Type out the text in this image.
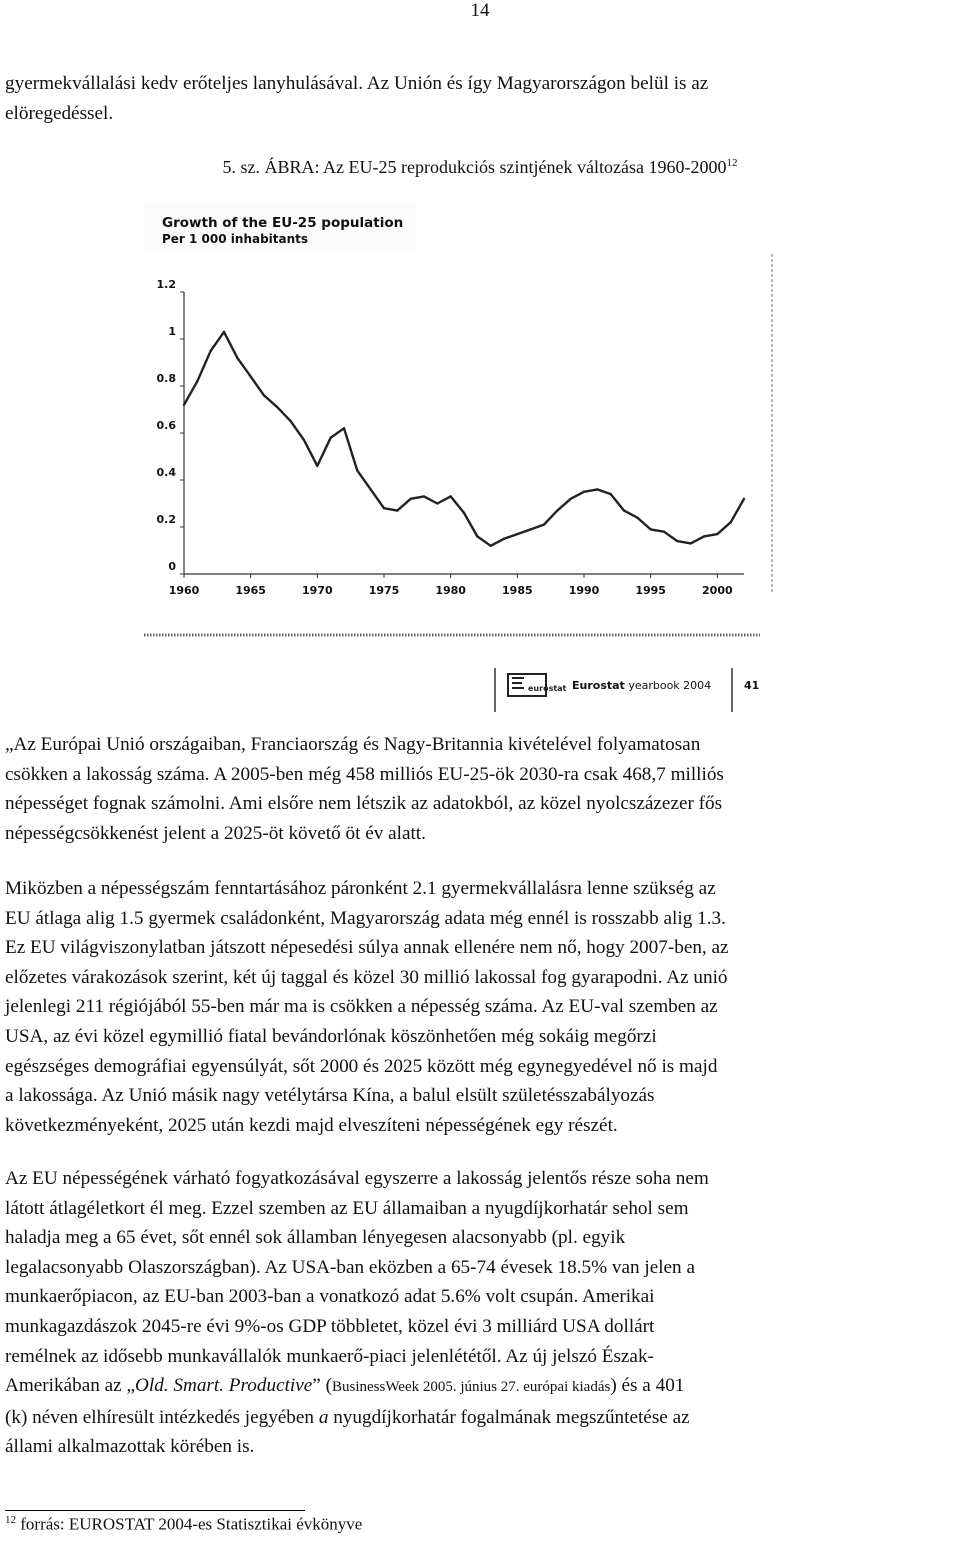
14

gyermekvállalási kedv erőteljes lanyhulásával. Az Unión és így Magyarországon belül is az
elöregedéssel.

5. sz. ÁBRA: Az EU-25 reprodukciós szintjének változása 1960-2000$^{12}$
Growth of the EU-25 population
Per 1 000 inhabitants
0
0.2
0.4
0.6
0.8
1
1.2
1960	1965	1970	1975	1980	1985	1990	1995	2000
eurostat Eurostat yearbook 2004	41

„Az Európai Unió országaiban, Franciaország és Nagy-Britannia kivételével folyamatosan
csökken a lakosság száma. A 2005-ben még 458 milliós EU-25-ök 2030-ra csak 468,7 milliós
népességet fognak számolni. Ami elsőre nem létszik az adatokból, az közel nyolcszázezer fős
népességcsökkenést jelent a 2025-öt követő öt év alatt.

Miközben a népességszám fenntartásához páronként 2.1 gyermekvállalásra lenne szükség az
EU átlaga alig 1.5 gyermek családonként, Magyarország adata még ennél is rosszabb alig 1.3.
Ez EU világviszonylatban játszott népesedési súlya annak ellenére nem nő, hogy 2007-ben, az
előzetes várakozások szerint, két új taggal és közel 30 millió lakossal fog gyarapodni. Az unió
jelenlegi 211 régiójából 55-ben már ma is csökken a népesség száma. Az EU-val szemben az
USA, az évi közel egymillió fiatal bevándorlónak köszönhetően még sokáig megőrzi
egészséges demográfiai egyensúlyát, sőt 2000 és 2025 között még egynegyedével nő is majd
a lakossága. Az Unió másik nagy vetélytársa Kína, a balul elsült születésszabályozás
következményeként, 2025 után kezdi majd elveszíteni népességének egy részét.

Az EU népességének várható fogyatkozásával egyszerre a lakosság jelentős része soha nem
látott átlagéletkort él meg. Ezzel szemben az EU államaiban a nyugdíjkorhatár sehol sem
haladja meg a 65 évet, sőt ennél sok államban lényegesen alacsonyabb (pl. egyik
legalacsonyabb Olaszországban). Az USA-ban eközben a 65-74 évesek 18.5% van jelen a
munkaerőpiacon, az EU-ban 2003-ban a vonatkozó adat 5.6% volt csupán. Amerikai
munkagazdászok 2045-re évi 9%-os GDP többletet, közel évi 3 milliárd USA dollárt
remélnek az idősebb munkavállalók munkaerő-piaci jelenlététől. Az új jelszó Észak-
Amerikában az „Old. Smart. Productive” (BusinessWeek 2005. június 27. európai kiadás) és a 401
(k) néven elhíresült intézkedés jegyében a nyugdíjkorhatár fogalmának megszűntetése az
állami alkalmazottak körében is.

$^{12}$ forrás: EUROSTAT 2004-es Statisztikai évkönyve
